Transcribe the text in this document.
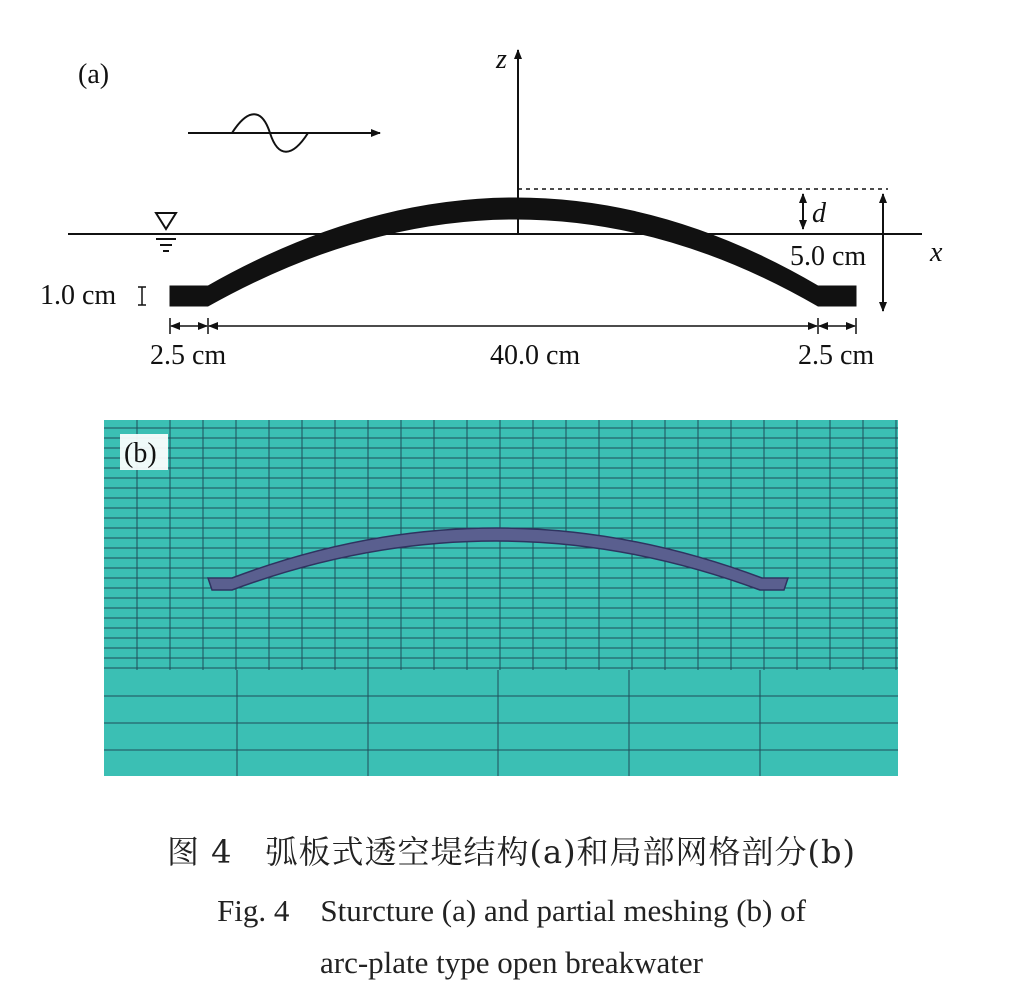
(a)	z
x
d
5.0 cm
1.0 cm
2.5 cm	40.0 cm	2.5 cm
(b)
图 4　弧板式透空堤结构(a)和局部网格剖分(b)
Fig. 4　Sturcture (a) and partial meshing (b) of
arc-plate type open breakwater
